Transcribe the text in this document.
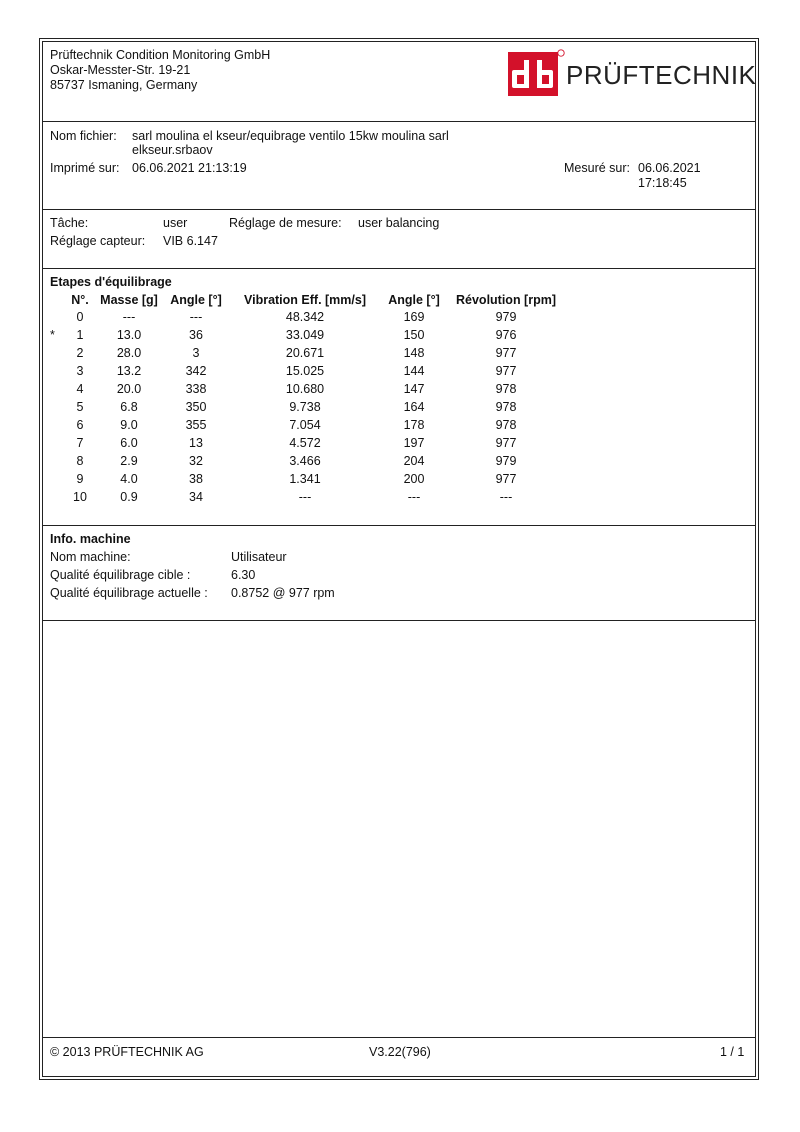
Prüftechnik Condition Monitoring GmbH
Oskar-Messter-Str. 19-21
85737 Ismaning, Germany	PRÜFTECHNIK
Nom fichier: sarl moulina el kseur/equibrage ventilo 15kw moulina sarl
elkseur.srbaov
Imprimé sur: 06.06.2021 21:13:19	Mesuré sur: 06.06.2021
17:18:45
Tâche:	user	Réglage de mesure: user balancing
Réglage capteur: VIB 6.147
Etapes d'équilibrage
	N°.	Masse [g]	Angle [°]	Vibration Eff. [mm/s]	Angle [°]	Révolution [rpm]
	0	---	---	48.342	169	979
*	1	13.0	36	33.049	150	976
	2	28.0	3	20.671	148	977
	3	13.2	342	15.025	144	977
	4	20.0	338	10.680	147	978
	5	6.8	350	9.738	164	978
	6	9.0	355	7.054	178	978
	7	6.0	13	4.572	197	977
	8	2.9	32	3.466	204	979
	9	4.0	38	1.341	200	977
	10	0.9	34	---	---	---
Info. machine
Nom machine:	Utilisateur
Qualité équilibrage cible :	6.30
Qualité équilibrage actuelle : 0.8752 @ 977 rpm
© 2013 PRÜFTECHNIK AG	V3.22(796)	1 / 1
